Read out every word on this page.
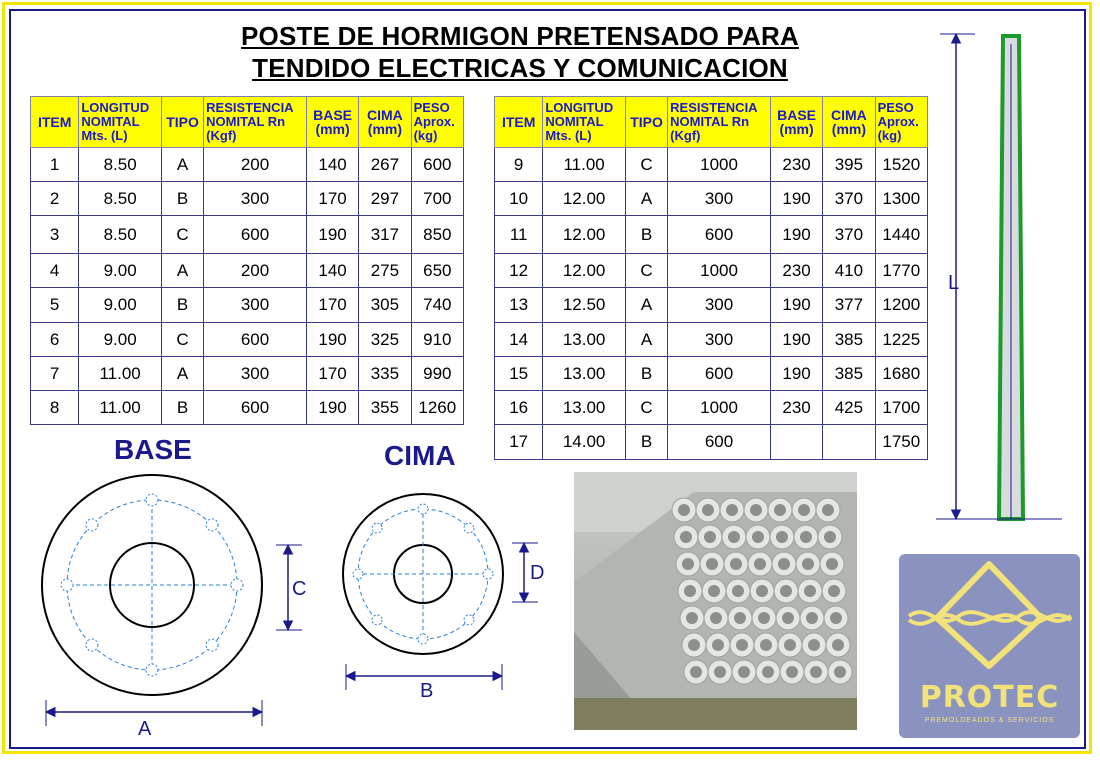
POSTE DE HORMIGON PRETENSADO PARA
TENDIDO ELECTRICAS Y COMUNICACION
ITEM	LONGITUD NOMITAL Mts. (L)	TIPO	RESISTENCIA NOMITAL Rn (Kgf)	BASE (mm)	CIMA (mm)	PESO Aprox. (kg)
1	8.50	A	200	140	267	600
2	8.50	B	300	170	297	700
3	8.50	C	600	190	317	850
4	9.00	A	200	140	275	650
5	9.00	B	300	170	305	740
6	9.00	C	600	190	325	910
7	11.00	A	300	170	335	990
8	11.00	B	600	190	355	1260
ITEM	LONGITUD NOMITAL Mts. (L)	TIPO	RESISTENCIA NOMITAL Rn (Kgf)	BASE (mm)	CIMA (mm)	PESO Aprox. (kg)
9	11.00	C	1000	230	395	1520
10	12.00	A	300	190	370	1300
11	12.00	B	600	190	370	1440
12	12.00	C	1000	230	410	1770
13	12.50	A	300	190	377	1200
14	13.00	A	300	190	385	1225
15	13.00	B	600	190	385	1680
16	13.00	C	1000	230	425	1700
17	14.00	B	600			1750
BASE	CIMA
A
B
C
D
L
PROTEC
PREMOLDEADOS & SERVICIOS
